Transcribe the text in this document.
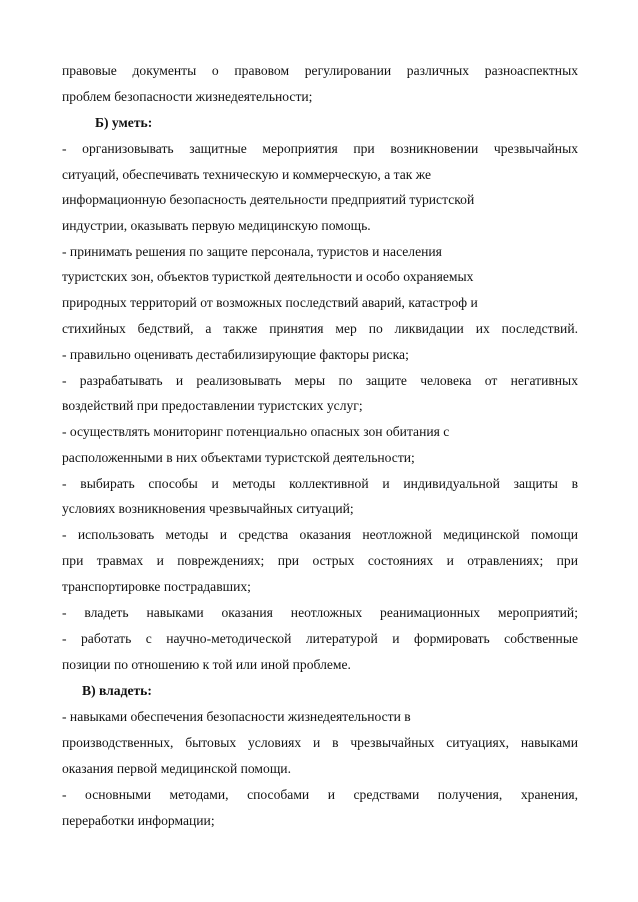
правовые документы о правовом регулировании различных разноаспектных
проблем безопасности жизнедеятельности;
Б) уметь:
- организовывать защитные мероприятия при возникновении чрезвычайных
ситуаций, обеспечивать техническую и коммерческую, а так же
информационную безопасность деятельности предприятий туристской
индустрии, оказывать первую медицинскую помощь.
- принимать решения по защите персонала, туристов и населения
туристских зон, объектов туристкой деятельности и особо охраняемых
природных территорий от возможных последствий аварий, катастроф и
стихийных бедствий, а также принятия мер по ликвидации их последствий.
- правильно оценивать дестабилизирующие факторы риска;
- разрабатывать и реализовывать меры по защите человека от негативных
воздействий при предоставлении туристских услуг;
- осуществлять мониторинг потенциально опасных зон обитания с
расположенными в них объектами туристской деятельности;
- выбирать способы и методы коллективной и индивидуальной защиты в
условиях возникновения чрезвычайных ситуаций;
- использовать методы и средства оказания неотложной медицинской помощи
при травмах и повреждениях; при острых состояниях и отравлениях; при
транспортировке пострадавших;
- владеть навыками оказания неотложных реанимационных мероприятий;
- работать с научно-методической литературой и формировать собственные
позиции по отношению к той или иной проблеме.
В) владеть:
- навыками обеспечения безопасности жизнедеятельности в
производственных, бытовых условиях и в чрезвычайных ситуациях, навыками
оказания первой медицинской помощи.
- основными методами, способами и средствами получения, хранения,
переработки информации;
